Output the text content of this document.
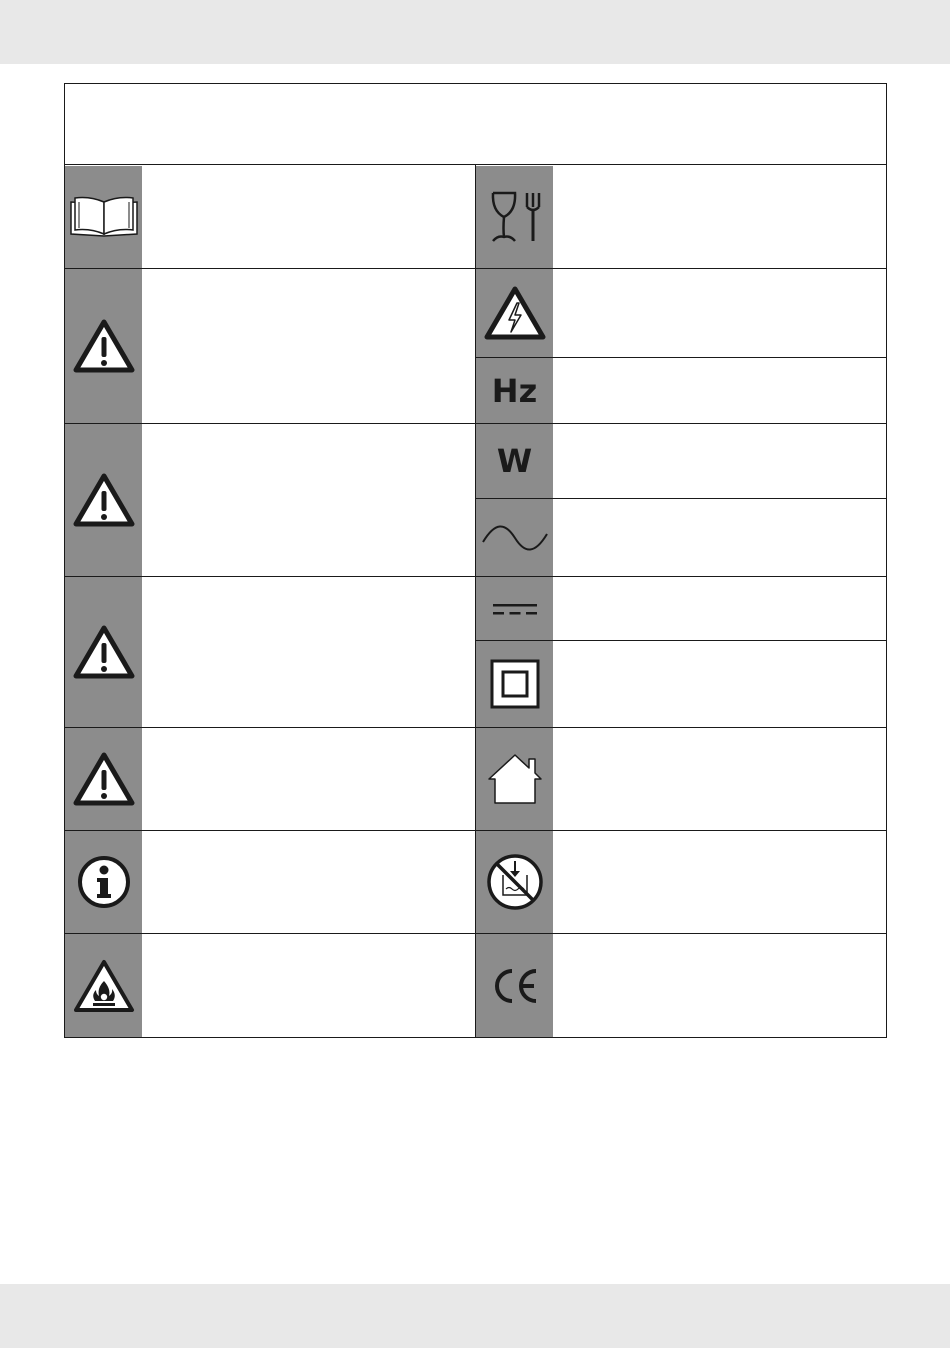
Hz
W
